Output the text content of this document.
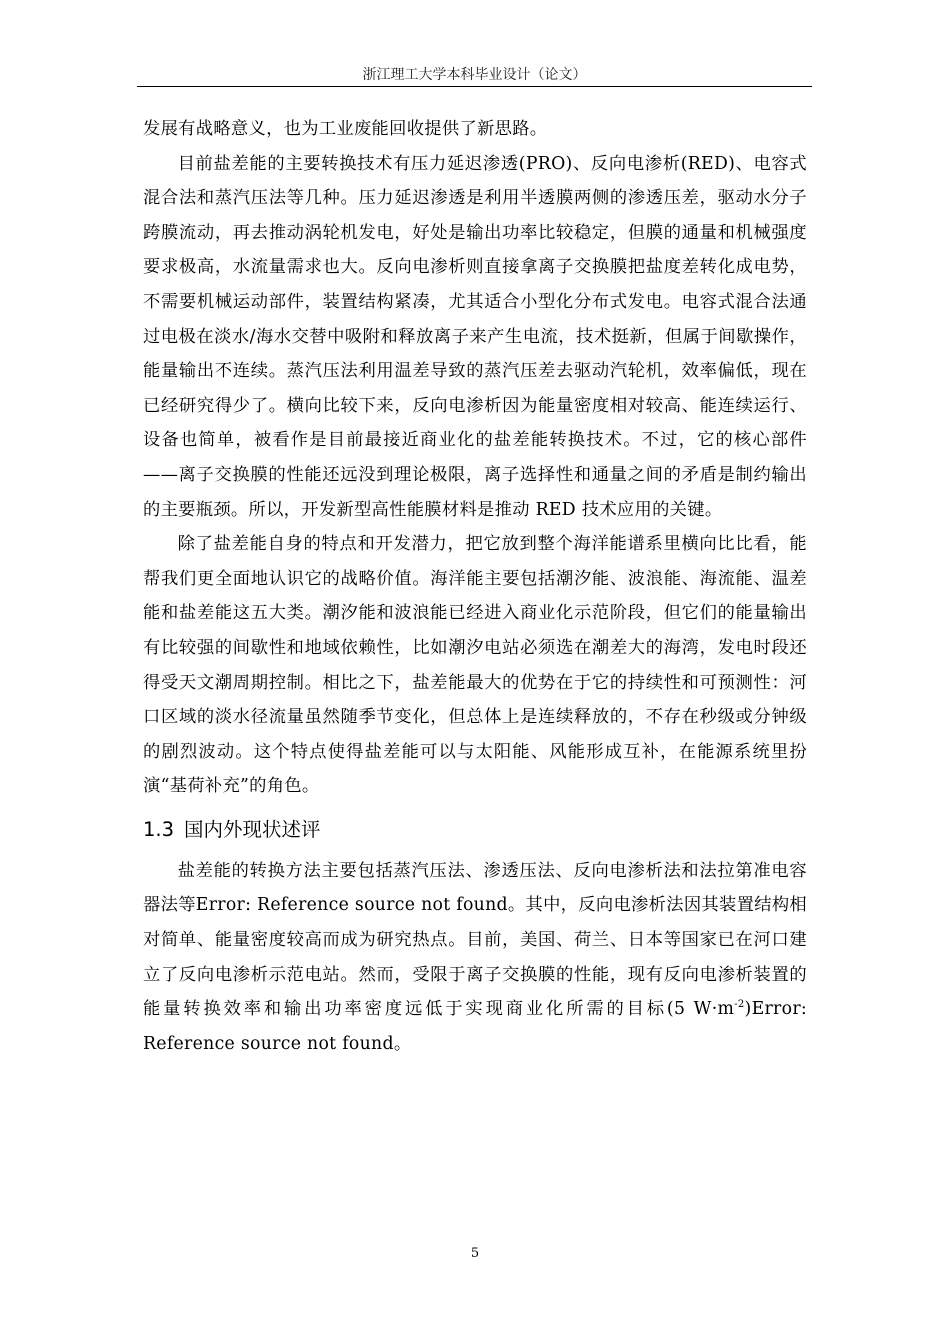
浙江理工大学本科毕业设计（论文）

发展有战略意义，也为工业废能回收提供了新思路。

目前盐差能的主要转换技术有压力延迟渗透(PRO)、反向电渗析(RED)、电容式混合法和蒸汽压法等几种。压力延迟渗透是利用半透膜两侧的渗透压差，驱动水分子跨膜流动，再去推动涡轮机发电，好处是输出功率比较稳定，但膜的通量和机械强度要求极高，水流量需求也大。反向电渗析则直接拿离子交换膜把盐度差转化成电势，不需要机械运动部件，装置结构紧凑，尤其适合小型化分布式发电。电容式混合法通过电极在淡水/海水交替中吸附和释放离子来产生电流，技术挺新，但属于间歇操作，能量输出不连续。蒸汽压法利用温差导致的蒸汽压差去驱动汽轮机，效率偏低，现在已经研究得少了。横向比较下来，反向电渗析因为能量密度相对较高、能连续运行、设备也简单，被看作是目前最接近商业化的盐差能转换技术。不过，它的核心部件——离子交换膜的性能还远没到理论极限，离子选择性和通量之间的矛盾是制约输出的主要瓶颈。所以，开发新型高性能膜材料是推动 RED 技术应用的关键。

除了盐差能自身的特点和开发潜力，把它放到整个海洋能谱系里横向比比看，能帮我们更全面地认识它的战略价值。海洋能主要包括潮汐能、波浪能、海流能、温差能和盐差能这五大类。潮汐能和波浪能已经进入商业化示范阶段，但它们的能量输出有比较强的间歇性和地域依赖性，比如潮汐电站必须选在潮差大的海湾，发电时段还得受天文潮周期控制。相比之下，盐差能最大的优势在于它的持续性和可预测性：河口区域的淡水径流量虽然随季节变化，但总体上是连续释放的，不存在秒级或分钟级的剧烈波动。这个特点使得盐差能可以与太阳能、风能形成互补，在能源系统里扮演“基荷补充”的角色。

1.3 国内外现状述评

盐差能的转换方法主要包括蒸汽压法、渗透压法、反向电渗析法和法拉第准电容器法等Error: Reference source not found。其中，反向电渗析法因其装置结构相对简单、能量密度较高而成为研究热点。目前，美国、荷兰、日本等国家已在河口建立了反向电渗析示范电站。然而，受限于离子交换膜的性能，现有反向电渗析装置的能量转换效率和输出功率密度远低于实现商业化所需的目标(5 $W\cdot m^{-2})Error$: Reference source not found。

5
